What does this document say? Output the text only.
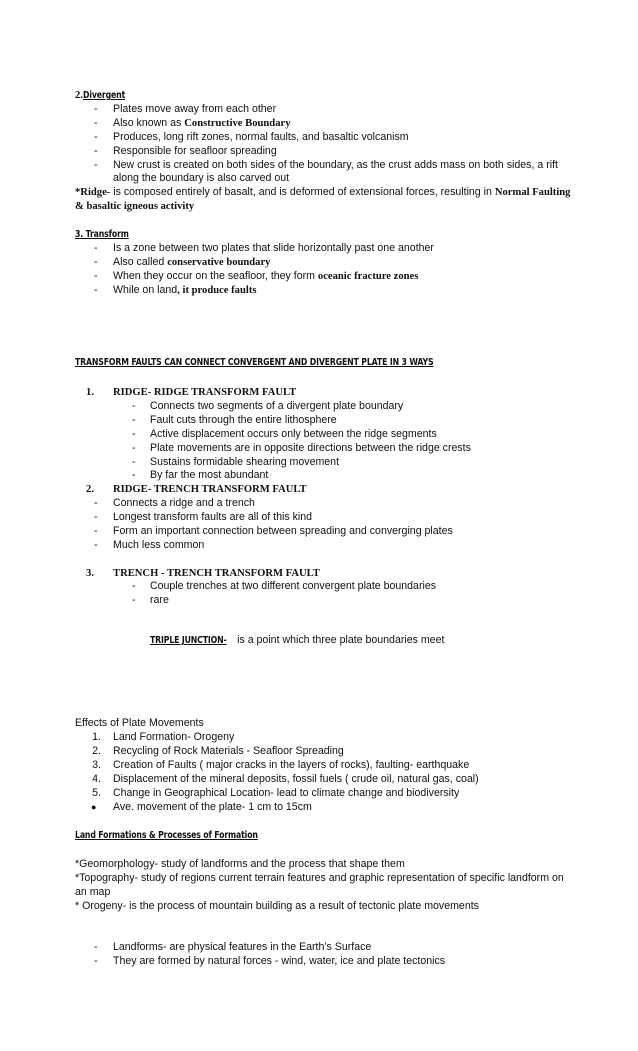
2.Divergent
-	Plates move away from each other
-	Also known as Constructive Boundary
-	Produces, long rift zones, normal faults, and basaltic volcanism
-	Responsible for seafloor spreading
-	New crust is created on both sides of the boundary, as the crust adds mass on both sides, a rift
along the boundary is also carved out
*Ridge- is composed entirely of basalt, and is deformed of extensional forces, resulting in Normal Faulting
& basaltic igneous activity
3. Transform
-	Is a zone between two plates that slide horizontally past one another
-	Also called conservative boundary
-	When they occur on the seafloor, they form oceanic fracture zones
-	While on land, it produce faults
TRANSFORM FAULTS CAN CONNECT CONVERGENT AND DIVERGENT PLATE IN 3 WAYS
1. RIDGE- RIDGE TRANSFORM FAULT
-	Connects two segments of a divergent plate boundary
-	Fault cuts through the entire lithosphere
-	Active displacement occurs only between the ridge segments
-	Plate movements are in opposite directions between the ridge crests
-	Sustains formidable shearing movement
-	By far the most abundant
2. RIDGE- TRENCH TRANSFORM FAULT
-	Connects a ridge and a trench
-	Longest transform faults are all of this kind
-	Form an important connection between spreading and converging plates
-	Much less common
3. TRENCH - TRENCH TRANSFORM FAULT
-	Couple trenches at two different convergent plate boundaries
-	rare
TRIPLE JUNCTION- is a point which three plate boundaries meet
Effects of Plate Movements
1. Land Formation- Orogeny
2. Recycling of Rock Materials - Seafloor Spreading
3. Creation of Faults ( major cracks in the layers of rocks), faulting- earthquake
4. Displacement of the mineral deposits, fossil fuels ( crude oil, natural gas, coal)
5. Change in Geographical Location- lead to climate change and biodiversity
● Ave. movement of the plate- 1 cm to 15cm
Land Formations & Processes of Formation
*Geomorphology- study of landforms and the process that shape them
*Topography- study of regions current terrain features and graphic representation of specific landform on
an map
* Orogeny- is the process of mountain building as a result of tectonic plate movements
-	Landforms- are physical features in the Earth’s Surface
-	They are formed by natural forces - wind, water, ice and plate tectonics
